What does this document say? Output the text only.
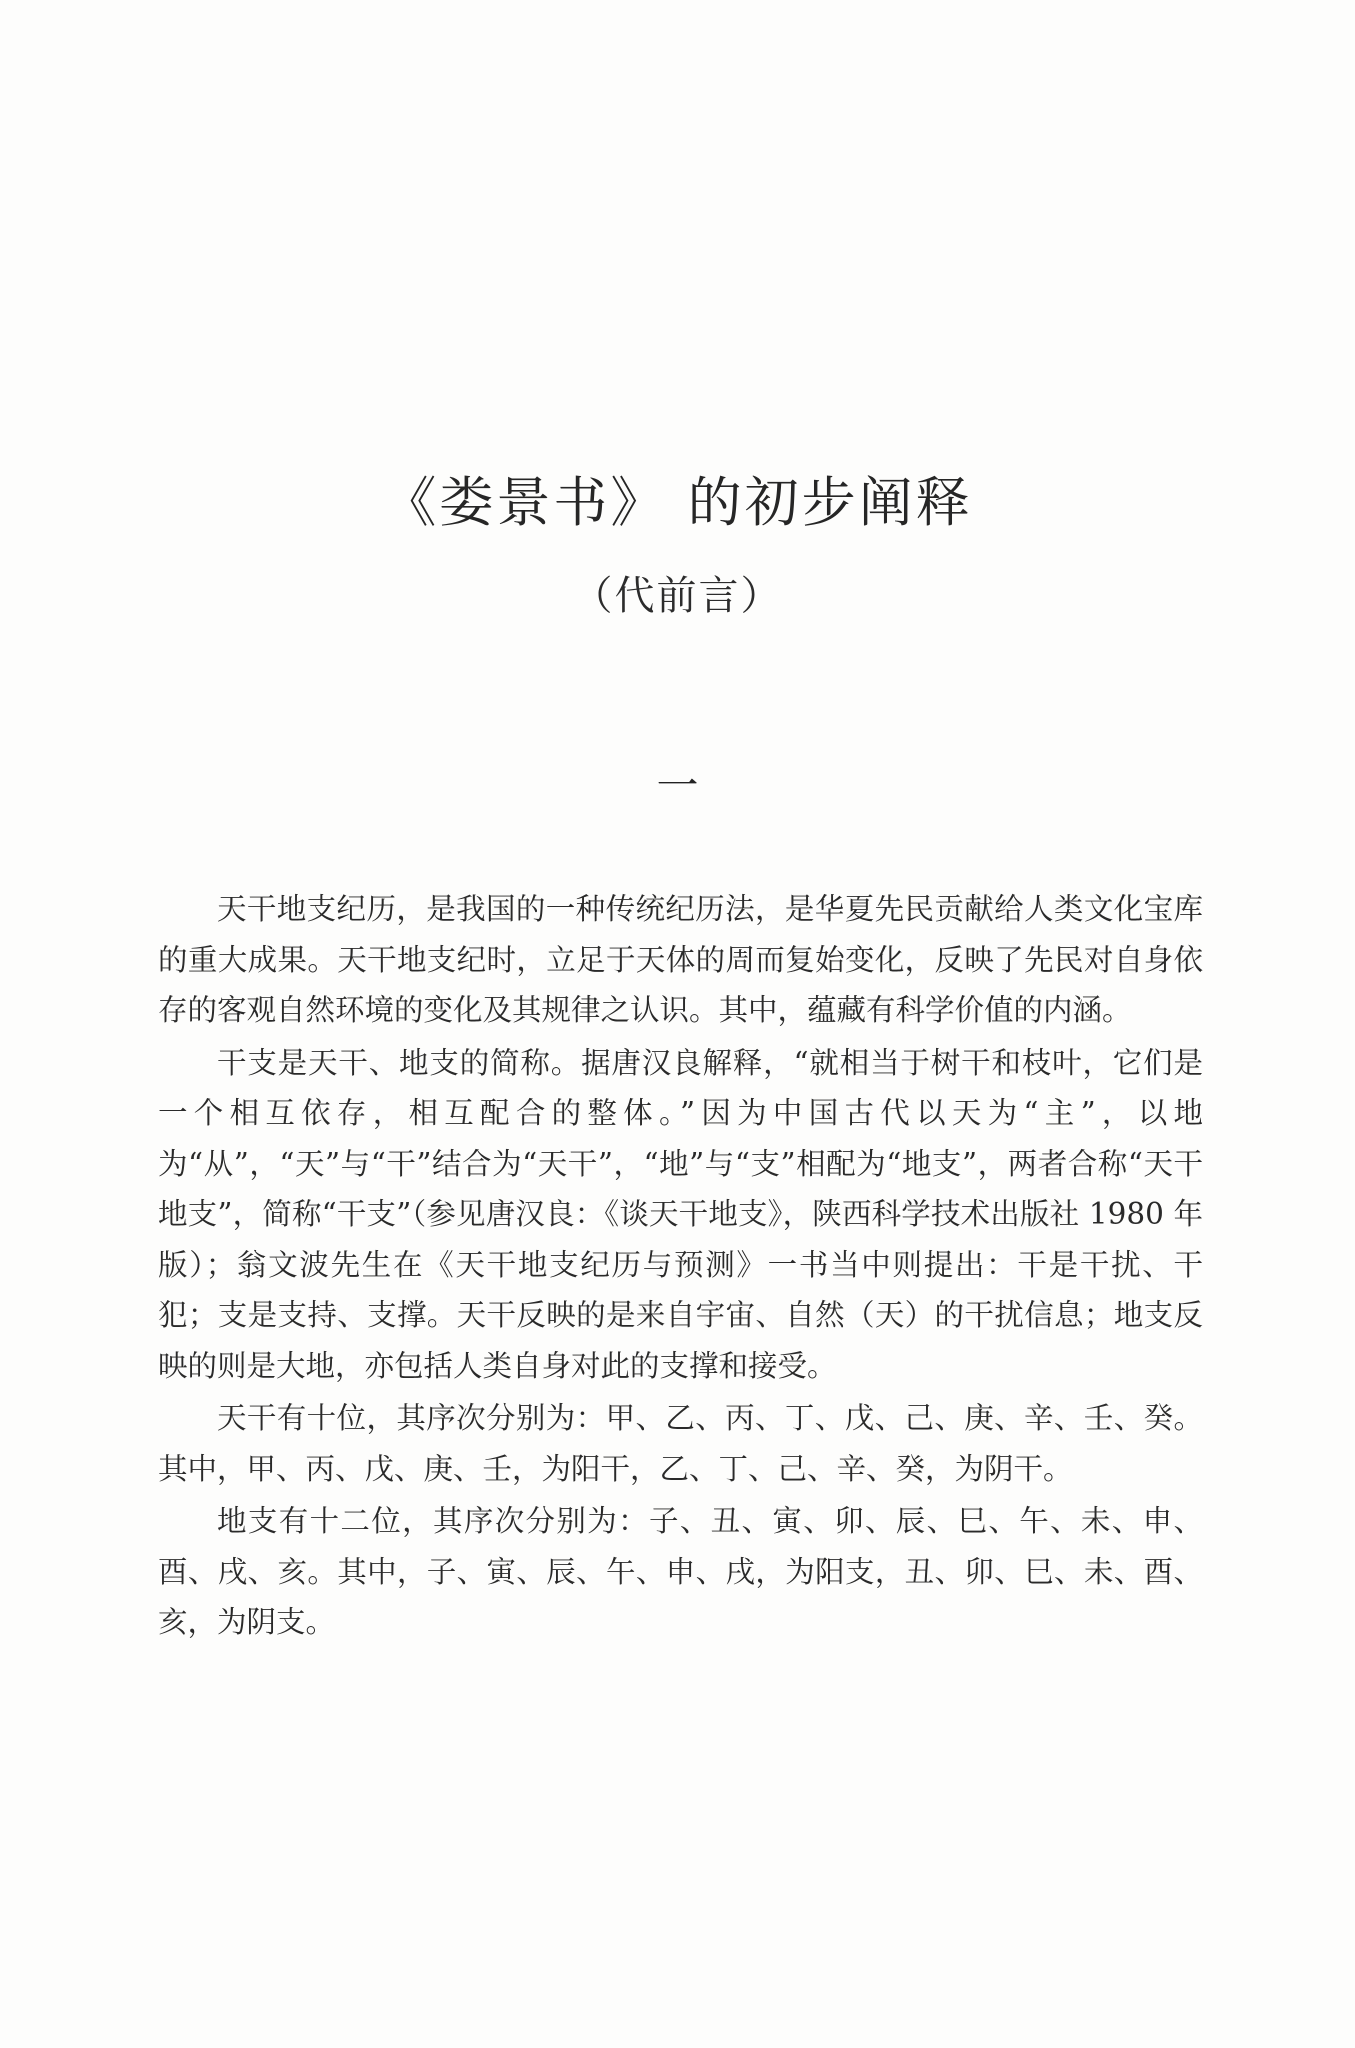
《娄景书》 的初步阐释
（代前言）
一

天干地支纪历，是我国的一种传统纪历法，是华夏先民贡献给人类文化宝库的重大成果。天干地支纪时，立足于天体的周而复始变化，反映了先民对自身依存的客观自然环境的变化及其规律之认识。其中，蕴藏有科学价值的内涵。

干支是天干、地支的简称。据唐汉良解释，“就相当于树干和枝叶，它们是一个相互依存，相互配合的整体。”因为中国古代以天为“主”，以地为“从”，“天”与“干”结合为“天干”，“地”与“支”相配为“地支”，两者合称“天干地支”，简称“干支”（参见唐汉良：《谈天干地支》，陕西科学技术出版社 1980 年版）；翁文波先生在《天干地支纪历与预测》一书当中则提出：干是干扰、干犯；支是支持、支撑。天干反映的是来自宇宙、自然（天）的干扰信息；地支反映的则是大地，亦包括人类自身对此的支撑和接受。

天干有十位，其序次分别为：甲、乙、丙、丁、戊、己、庚、辛、壬、癸。其中，甲、丙、戊、庚、壬，为阳干，乙、丁、己、辛、癸，为阴干。

地支有十二位，其序次分别为：子、丑、寅、卯、辰、巳、午、未、申、酉、戌、亥。其中，子、寅、辰、午、申、戌，为阳支，丑、卯、巳、未、酉、亥，为阴支。
